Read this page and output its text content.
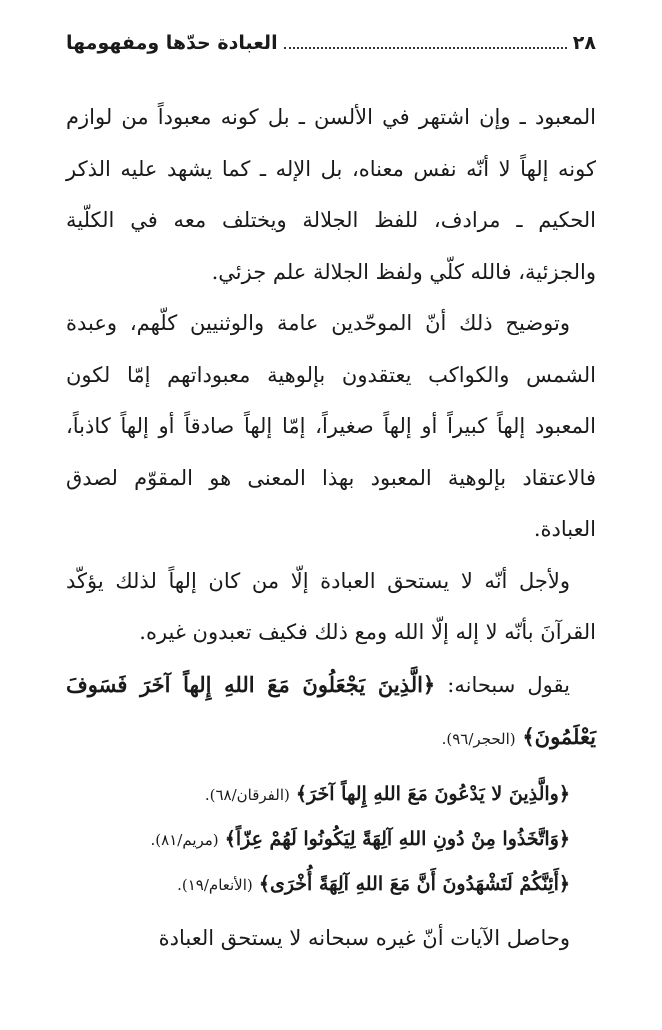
٢٨
العبادة حدّها ومفهومها

المعبود ـ وإن اشتهر في الألسن ـ بل كونه معبوداً من لوازم كونه إلهاً لا أنّه نفس معناه، بل الإله ـ كما يشهد عليه الذكر الحكيم ـ مرادف، للفظ الجلالة ويختلف معه في الكلّية والجزئية، فالله كلّي ولفظ الجلالة علم جزئي.

وتوضيح ذلك أنّ الموحّدين عامة والوثنيين كلّهم، وعبدة الشمس والكواكب يعتقدون بإلوهية معبوداتهم إمّا لكون المعبود إلهاً كبيراً أو إلهاً صغيراً، إمّا إلهاً صادقاً أو إلهاً كاذباً، فالاعتقاد بإلوهية المعبود بهذا المعنى هو المقوّم لصدق العبادة.

ولأجل أنّه لا يستحق العبادة إلّا من كان إلهاً لذلك يؤكّد القرآنَ بأنّه لا إله إلّا الله ومع ذلك فكيف تعبدون غيره.

يقول سبحانه: ﴿الَّذِينَ يَجْعَلُونَ مَعَ اللهِ إِلهاً آخَرَ فَسَوفَ يَعْلَمُونَ﴾ (الحجر/٩٦).

﴿والَّذِينَ لا يَدْعُونَ مَعَ اللهِ إِلهاً آخَرَ﴾ (الفرقان/٦٨).

﴿وَاتَّخَذُوا مِنْ دُونِ اللهِ آلِهَةً لِيَكُونُوا لَهُمْ عِزّاً﴾ (مريم/٨١).

﴿أَئِنَّكُمْ لَتَشْهَدُونَ أَنَّ مَعَ اللهِ آلِهَةً أُخْرَى﴾ (الأنعام/١٩).

وحاصل الآيات أنّ غيره سبحانه لا يستحق العبادة
